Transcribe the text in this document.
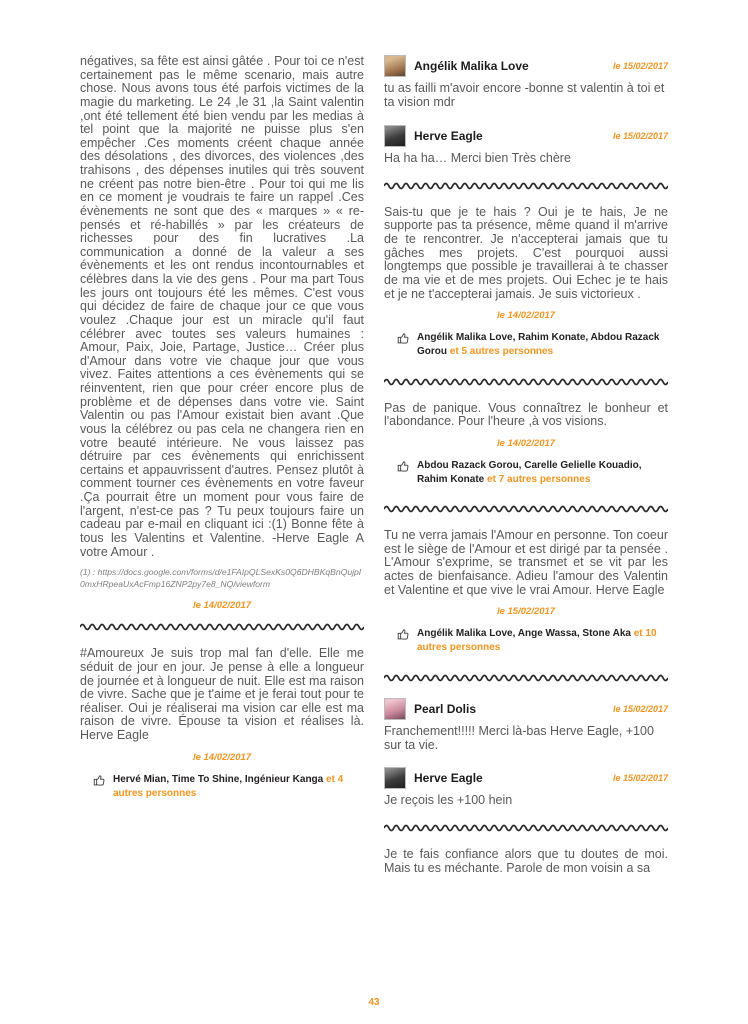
négatives, sa fête est ainsi gâtée . Pour toi ce n'est certainement pas le même scenario, mais autre chose. Nous avons tous été parfois victimes de la magie du marketing. Le 24 ,le 31 ,la Saint valentin ,ont été tellement été bien vendu par les medias à tel point que la majorité ne puisse plus s'en empêcher .Ces moments créent chaque année des désolations , des divorces, des violences ,des trahisons , des dépenses inutiles qui très souvent ne créent pas notre bien-être . Pour toi qui me lis en ce moment je voudrais te faire un rappel .Ces évènements ne sont que des « marques » « re-pensés et ré-habillés » par les créateurs de richesses pour des fin lucratives .La communication a donné de la valeur a ses évènements et les ont rendus incontournables et célèbres dans la vie des gens . Pour ma part Tous les jours ont toujours été les mêmes. C'est vous qui décidez de faire de chaque jour ce que vous voulez .Chaque jour est un miracle qu'il faut célébrer avec toutes ses valeurs humaines : Amour, Paix, Joie, Partage, Justice… Créer plus d'Amour dans votre vie chaque jour que vous vivez. Faites attentions a ces évènements qui se réinventent, rien que pour créer encore plus de problème et de dépenses dans votre vie. Saint Valentin ou pas l'Amour existait bien avant .Que vous la célébrez ou pas cela ne changera rien en votre beauté intérieure. Ne vous laissez pas détruire par ces évènements qui enrichissent certains et appauvrissent d'autres. Pensez plutôt à comment tourner ces évènements en votre faveur .Ça pourrait être un moment pour vous faire de l'argent, n'est-ce pas ? Tu peux toujours faire un cadeau par e-mail en cliquant ici :(1) Bonne fête à tous les Valentins et Valentine. -Herve Eagle A votre Amour .

(1) : https://docs.google.com/forms/d/e1FAIpQLSexKs0Q6DHBKqBnQujpI0mxHRpeaUxAcFmp16ZNP2py7e8_NQ/viewform

le 14/02/2017

#Amoureux Je suis trop mal fan d'elle. Elle me séduit de jour en jour. Je pense à elle a longueur de journée et à longueur de nuit. Elle est ma raison de vivre. Sache que je t'aime et je ferai tout pour te réaliser. Oui je réaliserai ma vision car elle est ma raison de vivre. Épouse ta vision et réalises là. Herve Eagle

le 14/02/2017
Hervé Mian, Time To Shine, Ingénieur Kanga et 4 autres personnes
Angélik Malika Love	le 15/02/2017

tu as failli m'avoir encore -bonne st valentin à toi et ta vision mdr

Herve Eagle	le 15/02/2017

Ha ha ha… Merci bien Très chère

Sais-tu que je te hais ? Oui je te hais, Je ne supporte pas ta présence, même quand il m'arrive de te rencontrer. Je n'accepterai jamais que tu gâches mes projets. C'est pourquoi aussi longtemps que possible je travaillerai à te chasser de ma vie et de mes projets. Oui Echec je te hais et je ne t'accepterai jamais. Je suis victorieux .

le 14/02/2017
Angélik Malika Love, Rahim Konate, Abdou Razack Gorou et 5 autres personnes

Pas de panique. Vous connaîtrez le bonheur et l'abondance. Pour l'heure ,à vos visions.

le 14/02/2017
Abdou Razack Gorou, Carelle Gelielle Kouadio, Rahim Konate et 7 autres personnes

Tu ne verra jamais l'Amour en personne. Ton coeur est le siège de l'Amour et est dirigé par ta pensée . L'Amour s'exprime, se transmet et se vit par les actes de bienfaisance. Adieu l'amour des Valentin et Valentine et que vive le vrai Amour. Herve Eagle

le 15/02/2017
Angélik Malika Love, Ange Wassa, Stone Aka et 10 autres personnes
Pearl Dolis	le 15/02/2017

Franchement!!!!! Merci là-bas Herve Eagle, +100 sur ta vie.

Herve Eagle	le 15/02/2017

Je reçois les +100 hein

Je te fais confiance alors que tu doutes de moi. Mais tu es méchante. Parole de mon voisin a sa

43
